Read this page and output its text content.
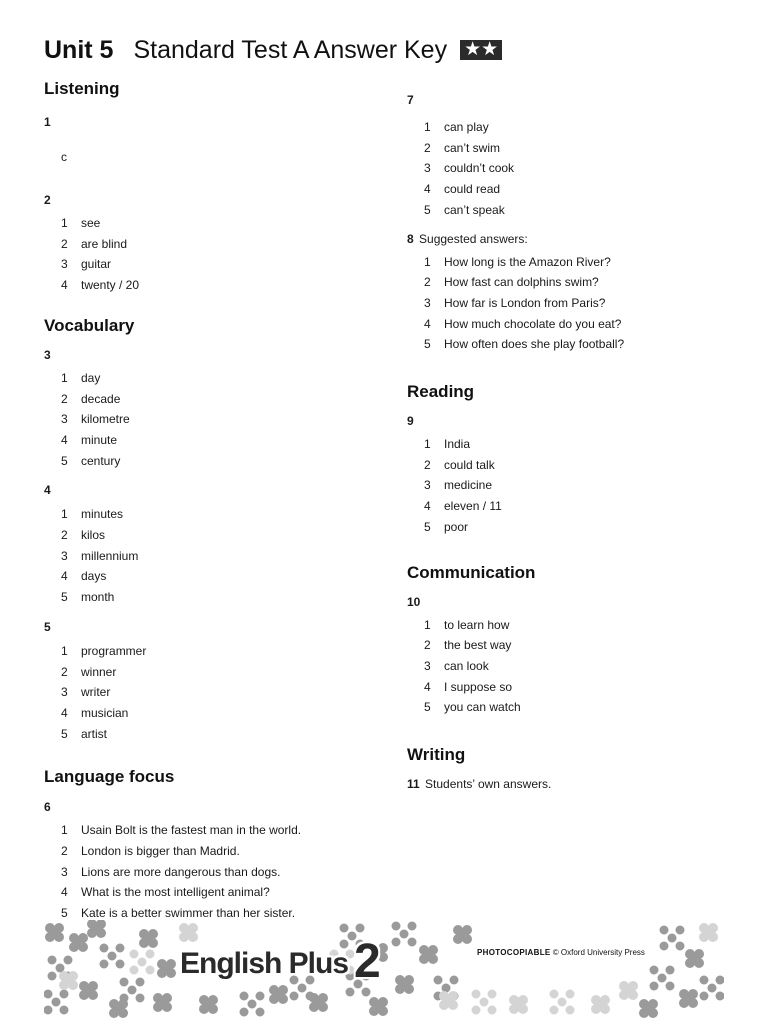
Unit 5 Standard Test A Answer Key ★★
Listening

1

c

2

1	see
2	are blind
3	guitar
4	twenty / 20
Vocabulary

3

1	day
2	decade
3	kilometre
4	minute
5	century

4

1	minutes
2	kilos
3	millennium
4	days
5	month

5

1	programmer
2	winner
3	writer
4	musician
5	artist
Language focus

6

1	Usain Bolt is the fastest man in the world.
2	London is bigger than Madrid.
3	Lions are more dangerous than dogs.
4	What is the most intelligent animal?
5	Kate is a better swimmer than her sister.

7

1	can play
2	can’t swim
3	couldn’t cook
4	could read
5	can’t speak

8 Suggested answers:

1	How long is the Amazon River?
2	How fast can dolphins swim?
3	How far is London from Paris?
4	How much chocolate do you eat?
5	How often does she play football?
Reading

9

1	India
2	could talk
3	medicine
4	eleven / 11
5	poor
Communication

10

1	to learn how
2	the best way
3	can look
4	I suppose so
5	you can watch
Writing

11 Students’ own answers.

English Plus 2	PHOTOCOPIABLE © Oxford University Press
